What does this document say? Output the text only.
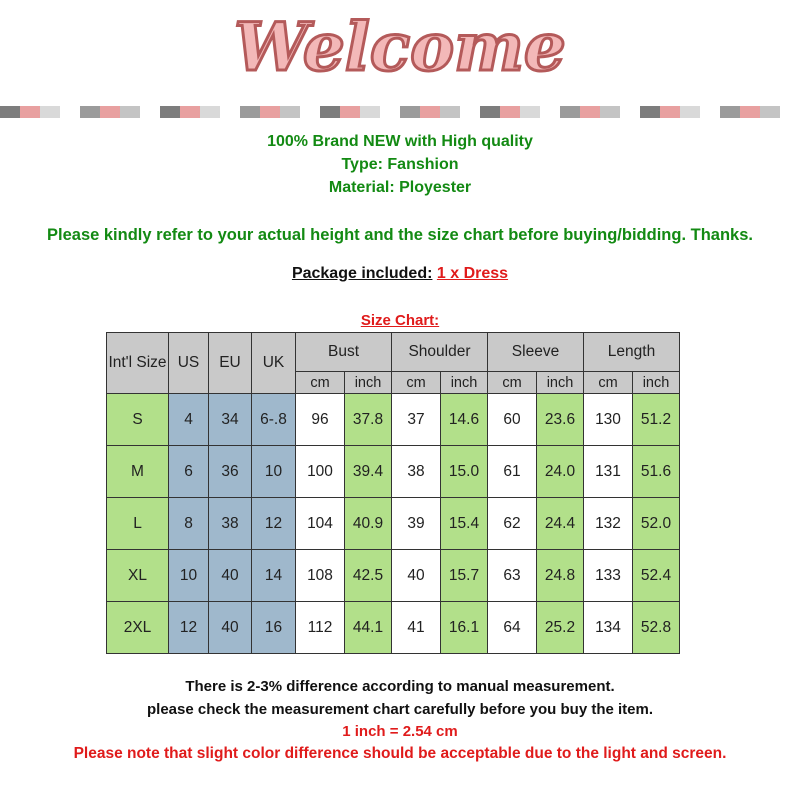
Welcome
100% Brand NEW with High quality
Type: Fanshion
Material: Ployester
Please kindly refer to your actual height and the size chart before buying/bidding. Thanks.
Package included: 1 x Dress
Size Chart:
Int'l Size	US	EU	UK	Bust		Shoulder		Sleeve		Length	
				cm	inch	cm	inch	cm	inch	cm	inch
S	4	34	6-.8	96	37.8	37	14.6	60	23.6	130	51.2
M	6	36	10	100	39.4	38	15.0	61	24.0	131	51.6
L	8	38	12	104	40.9	39	15.4	62	24.4	132	52.0
XL	10	40	14	108	42.5	40	15.7	63	24.8	133	52.4
2XL	12	40	16	112	44.1	41	16.1	64	25.2	134	52.8
There is 2-3% difference according to manual measurement.
please check the measurement chart carefully before you buy the item.
1 inch = 2.54 cm
Please note that slight color difference should be acceptable due to the light and screen.
